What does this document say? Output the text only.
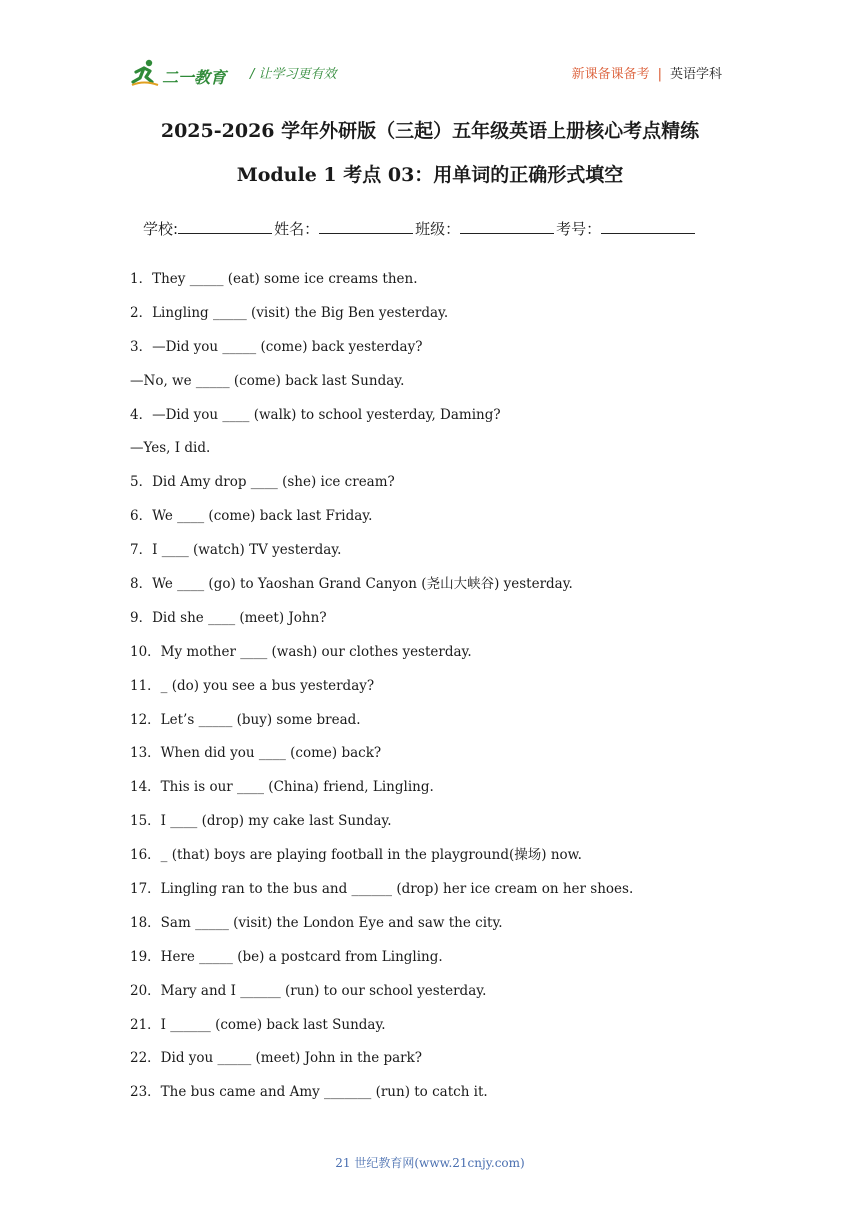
二一教育 / 让学习更有效	新课备课备考 | 英语学科
2025-2026 学年外研版（三起）五年级英语上册核心考点精练
Module 1 考点 03：用单词的正确形式填空
学校:	姓名：	班级：	考号：
1．They _____ (eat) some ice creams then.
2．Lingling _____ (visit) the Big Ben yesterday.
3．—Did you _____ (come) back yesterday?
—No, we _____ (come) back last Sunday.
4．—Did you ____ (walk) to school yesterday, Daming?
—Yes, I did.
5．Did Amy drop ____ (she) ice cream?
6．We ____ (come) back last Friday.
7．I ____ (watch) TV yesterday.
8．We ____ (go) to Yaoshan Grand Canyon (尧山大峡谷) yesterday.
9．Did she ____ (meet) John?
10．My mother ____ (wash) our clothes yesterday.
11．_ (do) you see a bus yesterday?
12．Let’s _____ (buy) some bread.
13．When did you ____ (come) back?
14．This is our ____ (China) friend, Lingling.
15．I ____ (drop) my cake last Sunday.
16．_ (that) boys are playing football in the playground(操场) now.
17．Lingling ran to the bus and ______ (drop) her ice cream on her shoes.
18．Sam _____ (visit) the London Eye and saw the city.
19．Here _____ (be) a postcard from Lingling.
20．Mary and I ______ (run) to our school yesterday.
21．I ______ (come) back last Sunday.
22．Did you _____ (meet) John in the park?
23．The bus came and Amy _______ (run) to catch it.
21 世纪教育网(www.21cnjy.com)
